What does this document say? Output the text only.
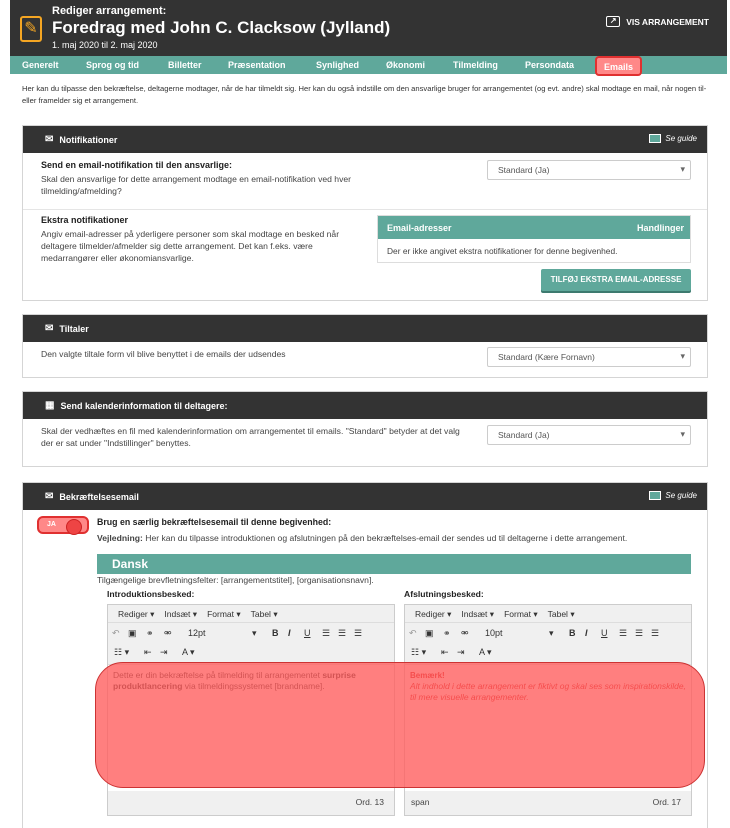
✎
Rediger arrangement:
Foredrag med John C. Clacksow (Jylland)
1. maj 2020 til 2. maj 2020
↗	VIS ARRANGEMENT
Generelt	Sprog og tid	Billetter	Præsentation	Synlighed	Økonomi	Tilmelding	Persondata	Emails
Her kan du tilpasse den bekræftelse, deltagerne modtager, når de har tilmeldt sig. Her kan du også indstille om den ansvarlige bruger for arrangementet (og evt. andre) skal modtage en mail, når nogen til- eller framelder sig et arrangement.
✉ Notifikationer	Se guide
Send en email-notifikation til den ansvarlige:
Skal den ansvarlige for dette arrangement modtage en email-notifikation ved hver tilmelding/afmelding?
Standard (Ja) ▾
Ekstra notifikationer
Angiv email-adresser på yderligere personer som skal modtage en besked når deltagere tilmelder/afmelder sig dette arrangement. Det kan f.eks. være medarrangører eller økonomiansvarlige.
Email-adresser	Handlinger
Der er ikke angivet ekstra notifikationer for denne begivenhed.
TILFØJ EKSTRA EMAIL-ADRESSE
✉ Tiltaler
Den valgte tiltale form vil blive benyttet i de emails der udsendes	Standard (Kære Fornavn) ▾
▦ Send kalenderinformation til deltagere:
Skal der vedhæftes en fil med kalenderinformation om arrangementet til emails. "Standard" betyder at det valg der er sat under "Indstillinger" benyttes.
Standard (Ja) ▾
✉ Bekræftelsesemail	Se guide
JA	Brug en særlig bekræftelsesemail til denne begivenhed:
Vejledning: Her kan du tilpasse introduktionen og afslutningen på den bekræftelses-email der sendes ud til deltagerne i dette arrangement.
Dansk
Tilgængelige brevfletningsfelter: [arrangementstitel], [organisationsnavn].
Introduktionsbesked:	Afslutningsbesked:
Rediger ▾ Indsæt ▾ Format ▾ Tabel ▾
↶ ▣ ⚭ ⚮ 12pt	▾ B I U ☰ ☰ ☰
☷ ▾ ⇤ ⇥ A ▾
Ord. 13
Rediger ▾ Indsæt ▾ Format ▾ Tabel ▾
↶ ▣ ⚭ ⚮ 10pt	▾ B I U ☰ ☰ ☰
☷ ▾ ⇤ ⇥ A ▾
span	Ord. 17
